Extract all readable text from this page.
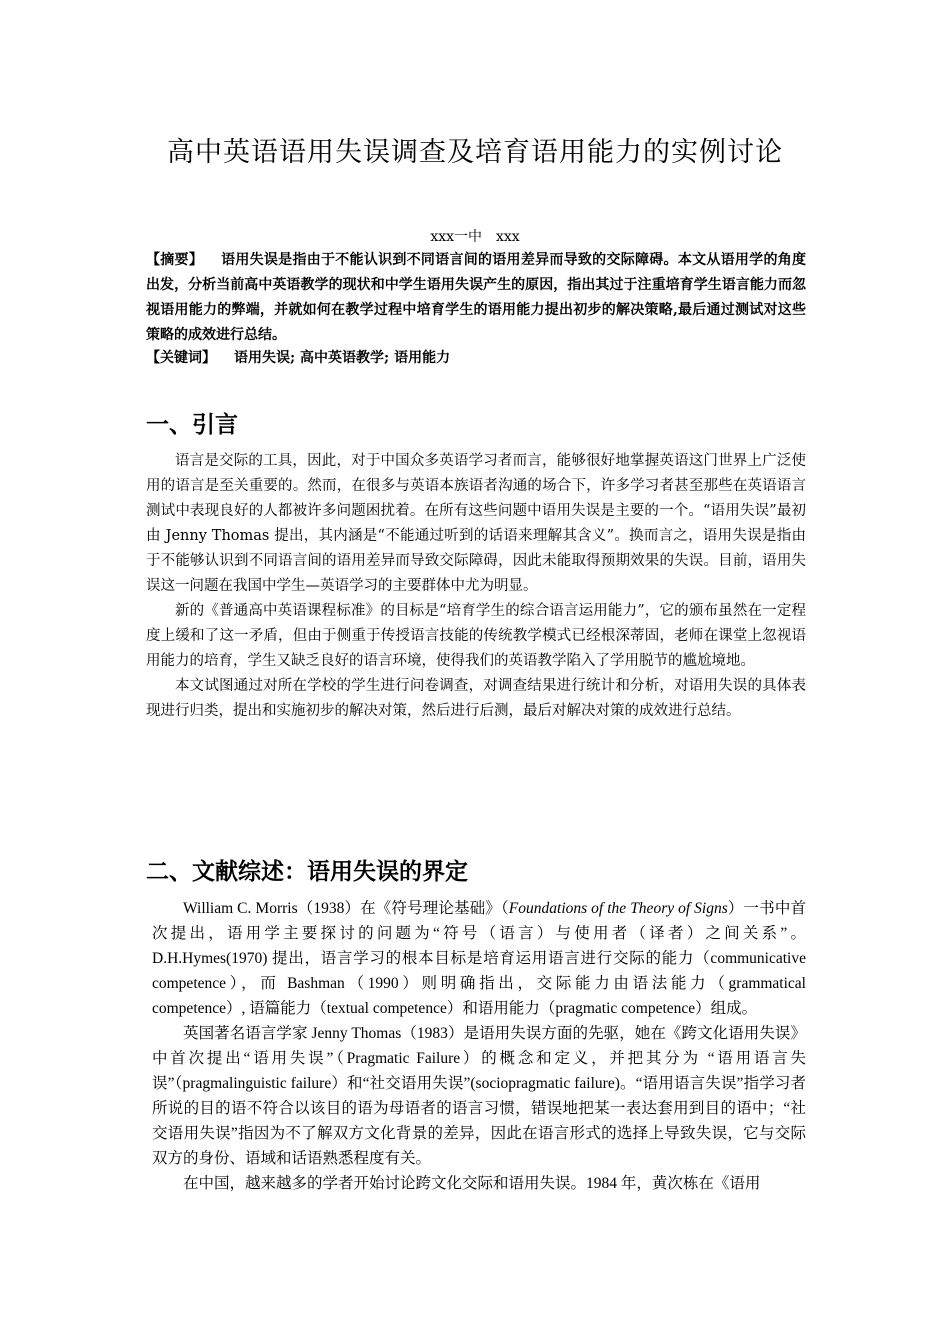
高中英语语用失误调查及培育语用能力的实例讨论
xxx一中　xxx
【摘要】 语用失误是指由于不能认识到不同语言间的语用差异而导致的交际障碍。本文从语用学的角度出发，分析当前高中英语教学的现状和中学生语用失误产生的原因，指出其过于注重培育学生语言能力而忽视语用能力的弊端，并就如何在教学过程中培育学生的语用能力提出初步的解决策略,最后通过测试对这些策略的成效进行总结。
【关键词】 语用失误; 高中英语教学; 语用能力
一、引言

语言是交际的工具，因此，对于中国众多英语学习者而言，能够很好地掌握英语这门世界上广泛使用的语言是至关重要的。然而，在很多与英语本族语者沟通的场合下，许多学习者甚至那些在英语语言测试中表现良好的人都被许多问题困扰着。在所有这些问题中语用失误是主要的一个。“语用失误”最初由 Jenny Thomas 提出，其内涵是“不能通过听到的话语来理解其含义”。换而言之，语用失误是指由于不能够认识到不同语言间的语用差异而导致交际障碍，因此未能取得预期效果的失误。目前，语用失误这一问题在我国中学生—英语学习的主要群体中尤为明显。

新的《普通高中英语课程标准》的目标是“培育学生的综合语言运用能力”，它的颁布虽然在一定程度上缓和了这一矛盾，但由于侧重于传授语言技能的传统教学模式已经根深蒂固，老师在课堂上忽视语用能力的培育，学生又缺乏良好的语言环境，使得我们的英语教学陷入了学用脱节的尴尬境地。

本文试图通过对所在学校的学生进行问卷调查，对调查结果进行统计和分析，对语用失误的具体表现进行归类，提出和实施初步的解决对策，然后进行后测，最后对解决对策的成效进行总结。

二、文献综述：语用失误的界定

William C. Morris（1938）在《符号理论基础》（Foundations of the Theory of Signs）一书中首次提出，语用学主要探讨的问题为“符号（语言）与使用者（译者）之间关系”。D.H.Hymes(1970) 提出，语言学习的根本目标是培育运用语言进行交际的能力（communicative competence），而 Bashman（1990）则明确指出，交际能力由语法能力（grammatical competence）, 语篇能力（textual competence）和语用能力（pragmatic competence）组成。

英国著名语言学家 Jenny Thomas（1983）是语用失误方面的先驱，她在《跨文化语用失误》中首次提出“语用失误”（Pragmatic Failure）的概念和定义，并把其分为 “语用语言失误”（pragmalinguistic failure）和“社交语用失误”(sociopragmatic failure)。“语用语言失误”指学习者所说的目的语不符合以该目的语为母语者的语言习惯，错误地把某一表达套用到目的语中；“社交语用失误”指因为不了解双方文化背景的差异，因此在语言形式的选择上导致失误，它与交际双方的身份、语域和话语熟悉程度有关。

在中国，越来越多的学者开始讨论跨文化交际和语用失误。1984 年，黄次栋在《语用
